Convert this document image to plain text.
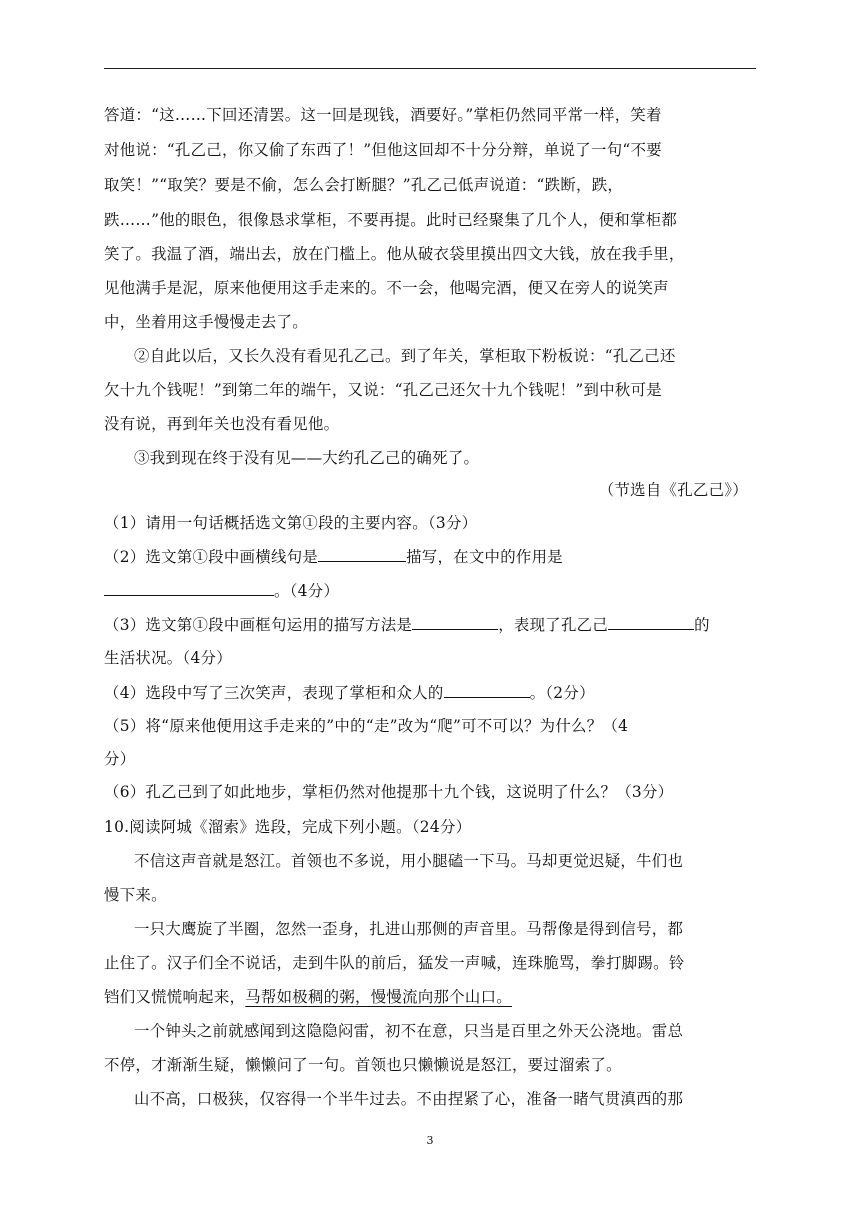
答道：“这……下回还清罢。这一回是现钱，酒要好。”掌柜仍然同平常一样，笑着
对他说：“孔乙己，你又偷了东西了！”但他这回却不十分分辩，单说了一句“不要
取笑！”“取笑？要是不偷，怎么会打断腿？”孔乙己低声说道：“跌断，跌，
跌……”他的眼色，很像恳求掌柜，不要再提。此时已经聚集了几个人，便和掌柜都
笑了。我温了酒，端出去，放在门槛上。他从破衣袋里摸出四文大钱，放在我手里，
见他满手是泥，原来他便用这手走来的。不一会，他喝完酒，便又在旁人的说笑声
中，坐着用这手慢慢走去了。
②自此以后，又长久没有看见孔乙己。到了年关，掌柜取下粉板说：“孔乙己还
欠十九个钱呢！”到第二年的端午，又说：“孔乙己还欠十九个钱呢！”到中秋可是
没有说，再到年关也没有看见他。
③我到现在终于没有见——大约孔乙己的确死了。
（节选自《孔乙己》）
（1）请用一句话概括选文第①段的主要内容。（3分）
（2）选文第①段中画横线句是	描写，在文中的作用是
。（4分）
（3）选文第①段中画框句运用的描写方法是	，表现了孔乙己	的
生活状况。（4分）
（4）选段中写了三次笑声，表现了掌柜和众人的	。（2分）
（5）将“原来他便用这手走来的”中的“走”改为“爬”可不可以？为什么？（4
分）
（6）孔乙己到了如此地步，掌柜仍然对他提那十九个钱，这说明了什么？（3分）
10.阅读阿城《溜索》选段，完成下列小题。（24分）
不信这声音就是怒江。首领也不多说，用小腿磕一下马。马却更觉迟疑，牛们也
慢下来。
一只大鹰旋了半圈，忽然一歪身，扎进山那侧的声音里。马帮像是得到信号，都
止住了。汉子们全不说话，走到牛队的前后，猛发一声喊，连珠脆骂，拳打脚踢。铃
铛们又慌慌响起来，马帮如极稠的粥，慢慢流向那个山口。
一个钟头之前就感闻到这隐隐闷雷，初不在意，只当是百里之外天公浇地。雷总
不停，才渐渐生疑，懒懒问了一句。首领也只懒懒说是怒江，要过溜索了。
山不高，口极狭，仅容得一个半牛过去。不由捏紧了心，准备一睹气贯滇西的那
3
